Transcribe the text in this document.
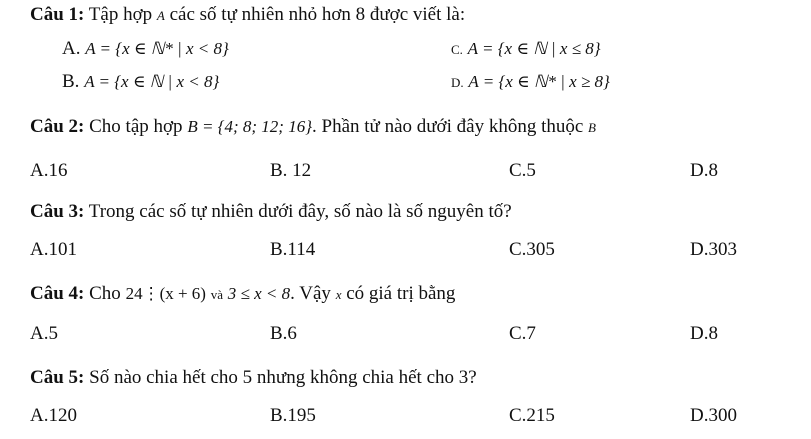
Câu 1: Tập hợp A các số tự nhiên nhỏ hơn 8 được viết là:
A. A = {x ∈ ℕ* | x < 8}	C. A = {x ∈ ℕ | x ≤ 8}
B. A = {x ∈ ℕ | x < 8}	D. A = {x ∈ ℕ* | x ≥ 8}
Câu 2: Cho tập hợp B = {4; 8; 12; 16}. Phần tử nào dưới đây không thuộc B
A.16	B. 12	C.5	D.8
Câu 3: Trong các số tự nhiên dưới đây, số nào là số nguyên tố?
A.101	B.114	C.305	D.303
Câu 4: Cho 24⋮(x + 6) và 3 ≤ x < 8. Vậy x có giá trị bằng
A.5	B.6	C.7	D.8
Câu 5: Số nào chia hết cho 5 nhưng không chia hết cho 3?
A.120	B.195	C.215	D.300
